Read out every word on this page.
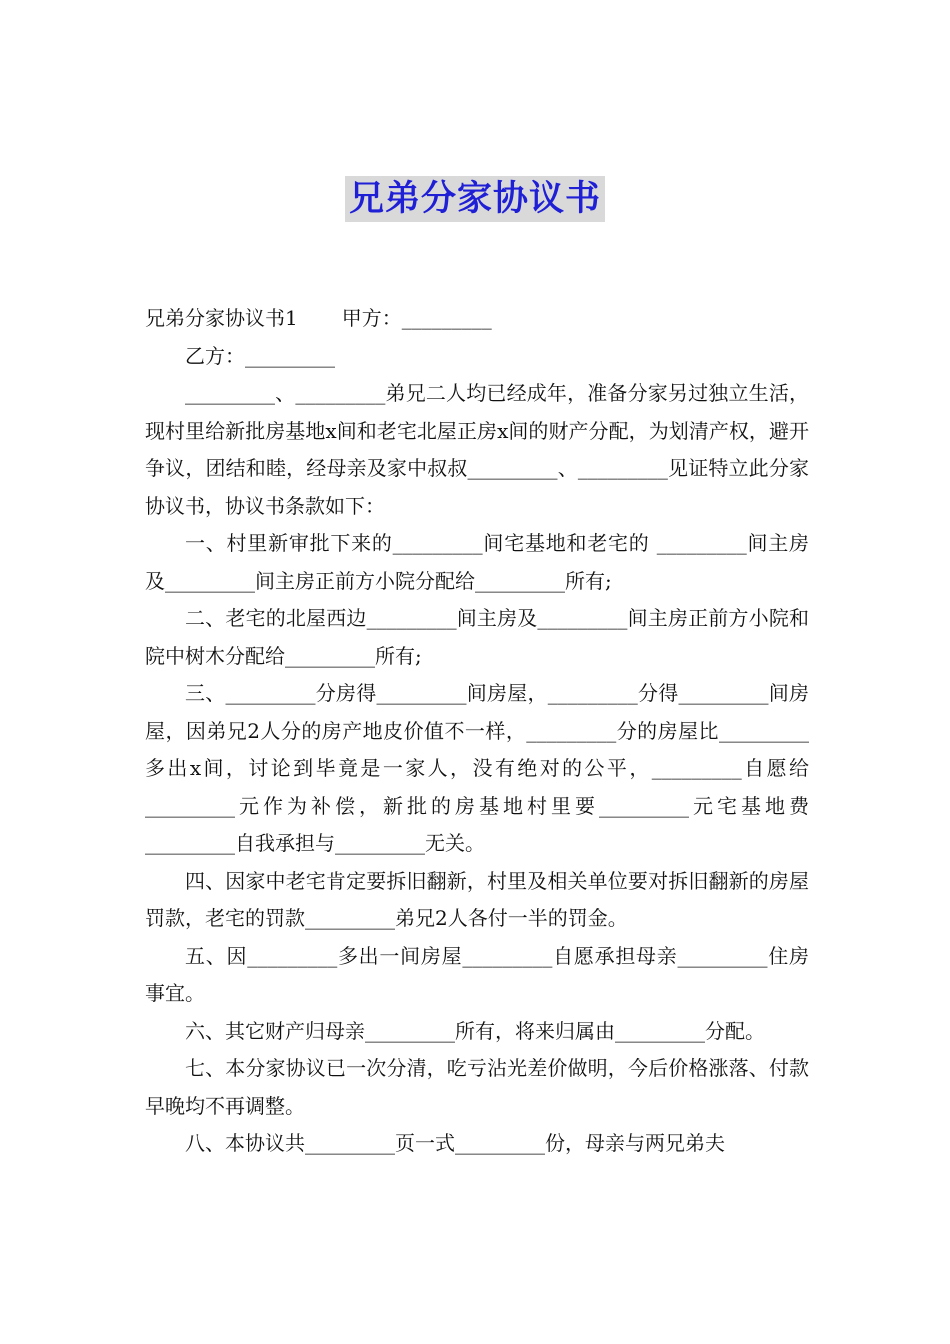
兄弟分家协议书

兄弟分家协议书1 甲方：_________

乙方：_________

_________、_________弟兄二人均已经成年，准备分家另过独立生活，现村里给新批房基地x间和老宅北屋正房x间的财产分配，为划清产权，避开争议，团结和睦，经母亲及家中叔叔_________、_________见证特立此分家协议书，协议书条款如下：

一、村里新审批下来的_________间宅基地和老宅的 _________间主房及_________间主房正前方小院分配给_________所有;

二、老宅的北屋西边_________间主房及_________间主房正前方小院和院中树木分配给_________所有;

三、_________分房得_________间房屋，_________分得_________间房屋，因弟兄2人分的房产地皮价值不一样，_________分的房屋比_________多出x间，讨论到毕竟是一家人，没有绝对的公平，_________自愿给_________元作为补偿，新批的房基地村里要_________元宅基地费_________自我承担与_________无关。

四、因家中老宅肯定要拆旧翻新，村里及相关单位要对拆旧翻新的房屋罚款，老宅的罚款_________弟兄2人各付一半的罚金。

五、因_________多出一间房屋_________自愿承担母亲_________住房事宜。

六、其它财产归母亲_________所有，将来归属由_________分配。

七、本分家协议已一次分清，吃亏沾光差价做明，今后价格涨落、付款早晚均不再调整。

八、本协议共_________页一式_________份，母亲与两兄弟夫
